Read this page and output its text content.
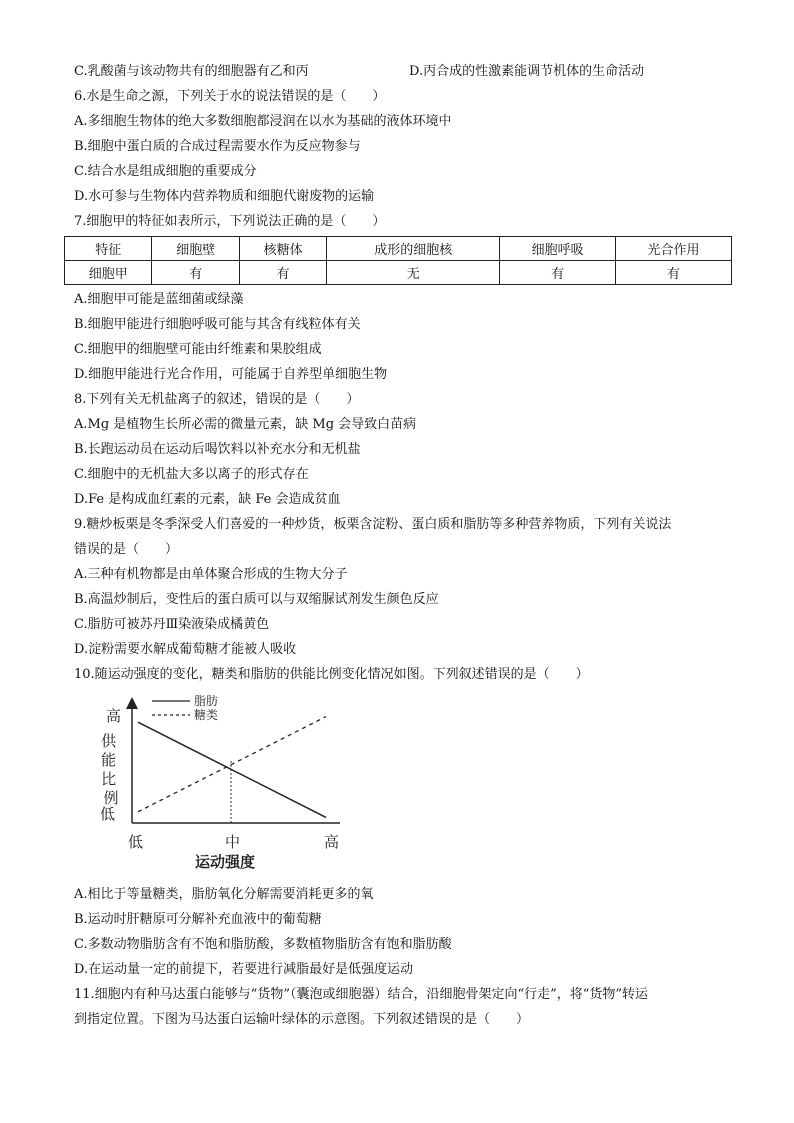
C.乳酸菌与该动物共有的细胞器有乙和丙	D.丙合成的性激素能调节机体的生命活动
6.水是生命之源，下列关于水的说法错误的是（　　）
A.多细胞生物体的绝大多数细胞都浸润在以水为基础的液体环境中
B.细胞中蛋白质的合成过程需要水作为反应物参与
C.结合水是组成细胞的重要成分
D.水可参与生物体内营养物质和细胞代谢废物的运输
7.细胞甲的特征如表所示，下列说法正确的是（　　）
特征	细胞壁	核糖体	成形的细胞核	细胞呼吸	光合作用
细胞甲	有	有	无	有	有
A.细胞甲可能是蓝细菌或绿藻
B.细胞甲能进行细胞呼吸可能与其含有线粒体有关
C.细胞甲的细胞壁可能由纤维素和果胶组成
D.细胞甲能进行光合作用，可能属于自养型单细胞生物
8.下列有关无机盐离子的叙述，错误的是（　　）
A.Mg 是植物生长所必需的微量元素，缺 Mg 会导致白苗病
B.长跑运动员在运动后喝饮料以补充水分和无机盐
C.细胞中的无机盐大多以离子的形式存在
D.Fe 是构成血红素的元素，缺 Fe 会造成贫血
9.糖炒板栗是冬季深受人们喜爱的一种炒货，板栗含淀粉、蛋白质和脂肪等多种营养物质，下列有关说法
错误的是（　　）
A.三种有机物都是由单体聚合形成的生物大分子
B.高温炒制后，变性后的蛋白质可以与双缩脲试剂发生颜色反应
C.脂肪可被苏丹Ⅲ染液染成橘黄色
D.淀粉需要水解成葡萄糖才能被人吸收
10.随运动强度的变化，糖类和脂肪的供能比例变化情况如图。下列叙述错误的是（　　）
脂肪
糖类
高
低
低	中	高
供 能 比 例
运动强度
A.相比于等量糖类，脂肪氧化分解需要消耗更多的氧
B.运动时肝糖原可分解补充血液中的葡萄糖
C.多数动物脂肪含有不饱和脂肪酸，多数植物脂肪含有饱和脂肪酸
D.在运动量一定的前提下，若要进行减脂最好是低强度运动
11.细胞内有种马达蛋白能够与“货物”（囊泡或细胞器）结合，沿细胞骨架定向“行走”，将“货物”转运
到指定位置。下图为马达蛋白运输叶绿体的示意图。下列叙述错误的是（　　）
